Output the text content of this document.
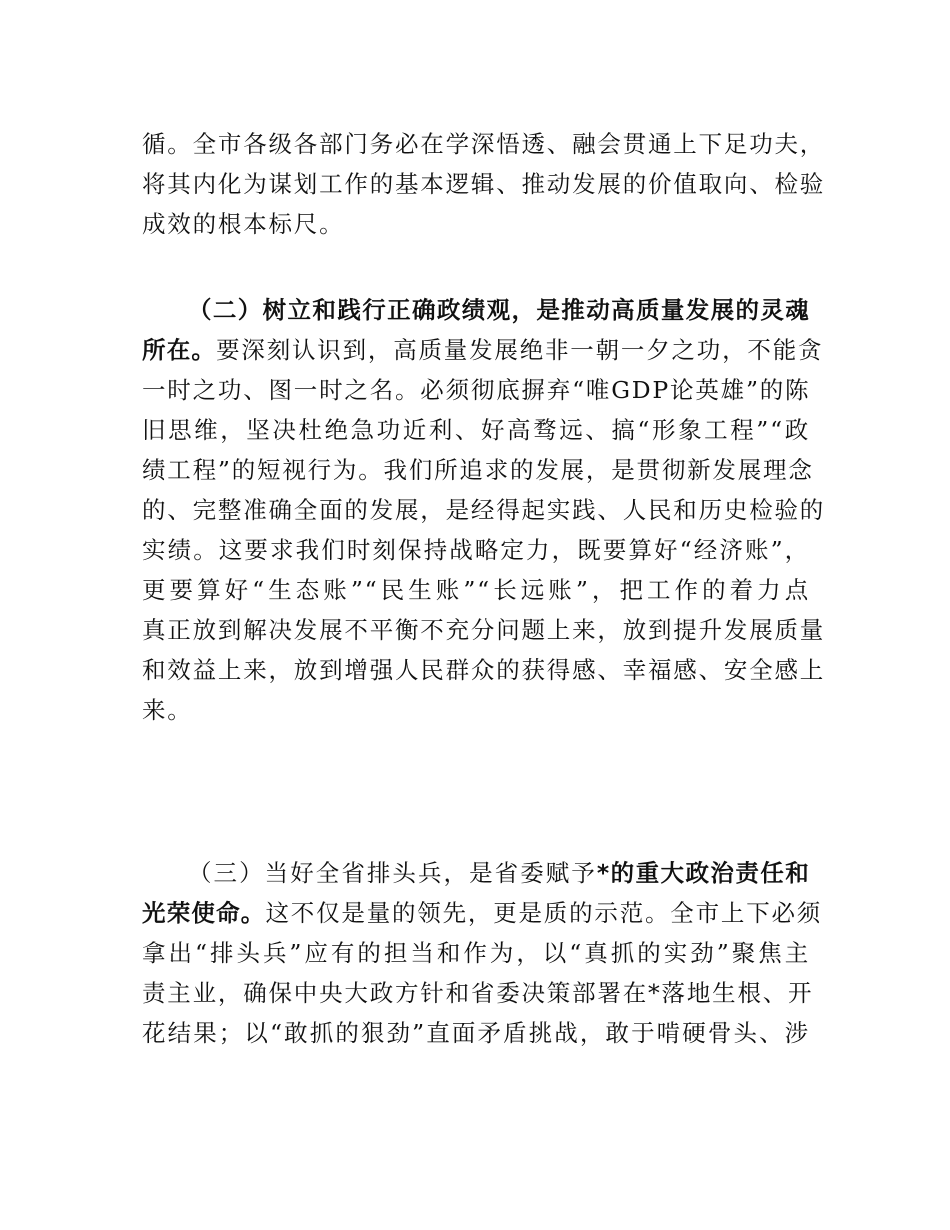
循。全市各级各部门务必在学深悟透、融会贯通上下足功夫，
将其内化为谋划工作的基本逻辑、推动发展的价值取向、检验
成效的根本标尺。
（二）树立和践行正确政绩观，是推动高质量发展的灵魂
所在。要深刻认识到，高质量发展绝非一朝一夕之功，不能贪
一时之功、图一时之名。必须彻底摒弃“唯GDP论英雄”的陈
旧思维，坚决杜绝急功近利、好高骛远、搞“形象工程”“政
绩工程”的短视行为。我们所追求的发展，是贯彻新发展理念
的、完整准确全面的发展，是经得起实践、人民和历史检验的
实绩。这要求我们时刻保持战略定力，既要算好“经济账”，
更要算好“生态账”“民生账”“长远账”，把工作的着力点
真正放到解决发展不平衡不充分问题上来，放到提升发展质量
和效益上来，放到增强人民群众的获得感、幸福感、安全感上
来。
（三）当好全省排头兵，是省委赋予*的重大政治责任和
光荣使命。这不仅是量的领先，更是质的示范。全市上下必须
拿出“排头兵”应有的担当和作为，以“真抓的实劲”聚焦主
责主业，确保中央大政方针和省委决策部署在*落地生根、开
花结果；以“敢抓的狠劲”直面矛盾挑战，敢于啃硬骨头、涉
